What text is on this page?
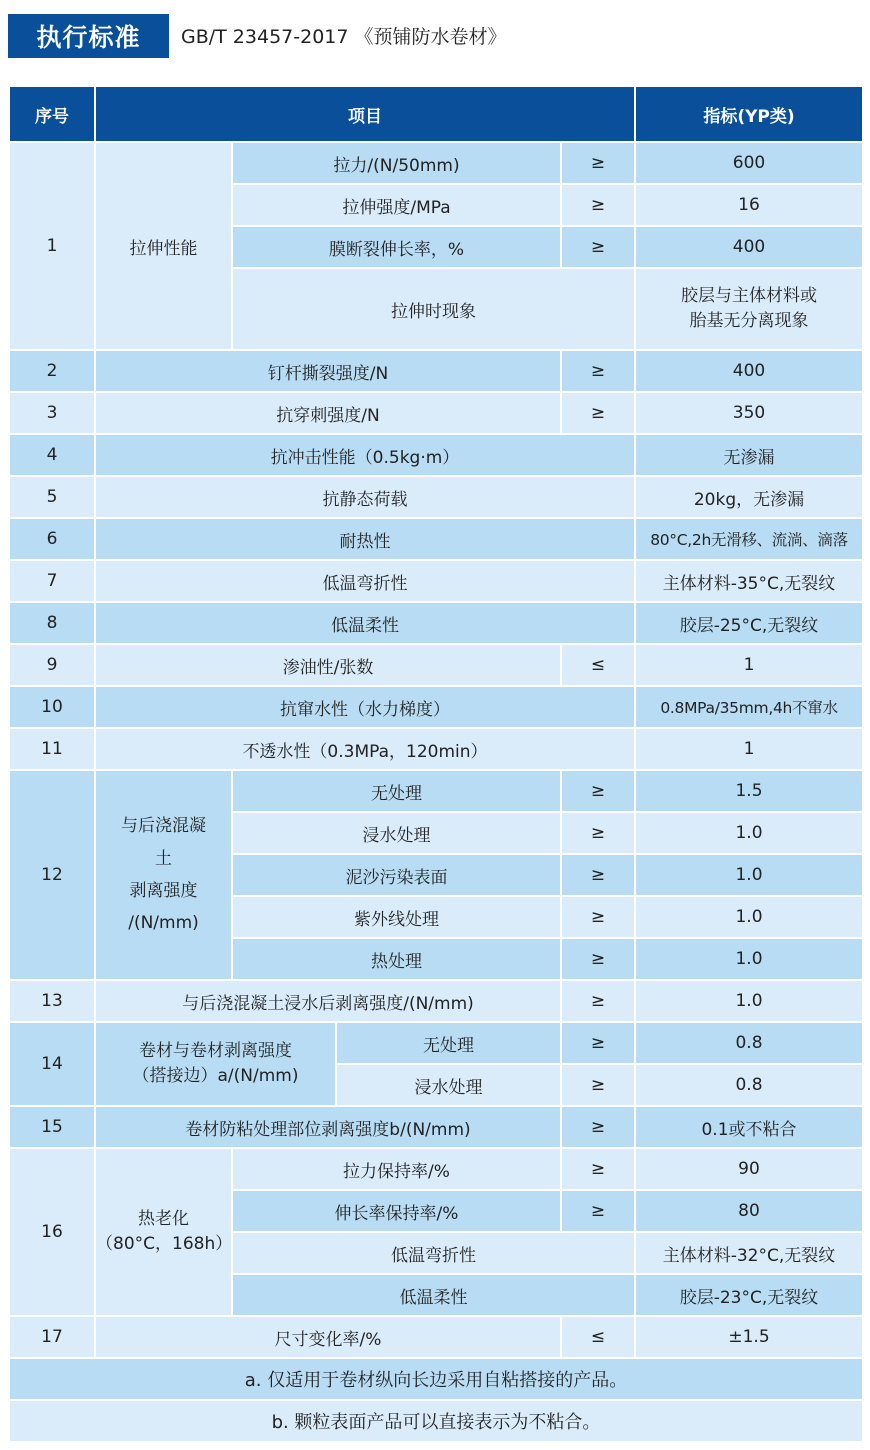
执行标准	GB/T 23457-2017 《预铺防水卷材》
序号	项目				指标(YP类)
1	拉伸性能	拉力/(N/50mm)		≥	600
		拉伸强度/MPa		≥	16
		膜断裂伸长率，%		≥	400
		拉伸时现象			胶层与主体材料或
胎基无分离现象
2	钉杆撕裂强度/N			≥	400
3	抗穿刺强度/N			≥	350
4	抗冲击性能（0.5kg·m）				无渗漏
5	抗静态荷载				20kg，无渗漏
6	耐热性				80°C,2h无滑移、流淌、滴落
7	低温弯折性				主体材料-35°C,无裂纹
8	低温柔性				胶层-25°C,无裂纹
9	渗油性/张数			≤	1
10	抗窜水性（水力梯度）				0.8MPa/35mm,4h不窜水
11	不透水性（0.3MPa，120min）				1
12	与后浇混凝
土
剥离强度
/(N/mm)	无处理		≥	1.5
		浸水处理		≥	1.0
		泥沙污染表面		≥	1.0
		紫外线处理		≥	1.0
		热处理		≥	1.0
13	与后浇混凝土浸水后剥离强度/(N/mm)			≥	1.0
14	卷材与卷材剥离强度
（搭接边）a/(N/mm)		无处理	≥	0.8
			浸水处理	≥	0.8
15	卷材防粘处理部位剥离强度b/(N/mm)			≥	0.1或不粘合
16	热老化
（80°C，168h）	拉力保持率/%		≥	90
		伸长率保持率/%		≥	80
		低温弯折性			主体材料-32°C,无裂纹
		低温柔性			胶层-23°C,无裂纹
17	尺寸变化率/%			≤	±1.5
a. 仅适用于卷材纵向长边采用自粘搭接的产品。					
b. 颗粒表面产品可以直接表示为不粘合。					
